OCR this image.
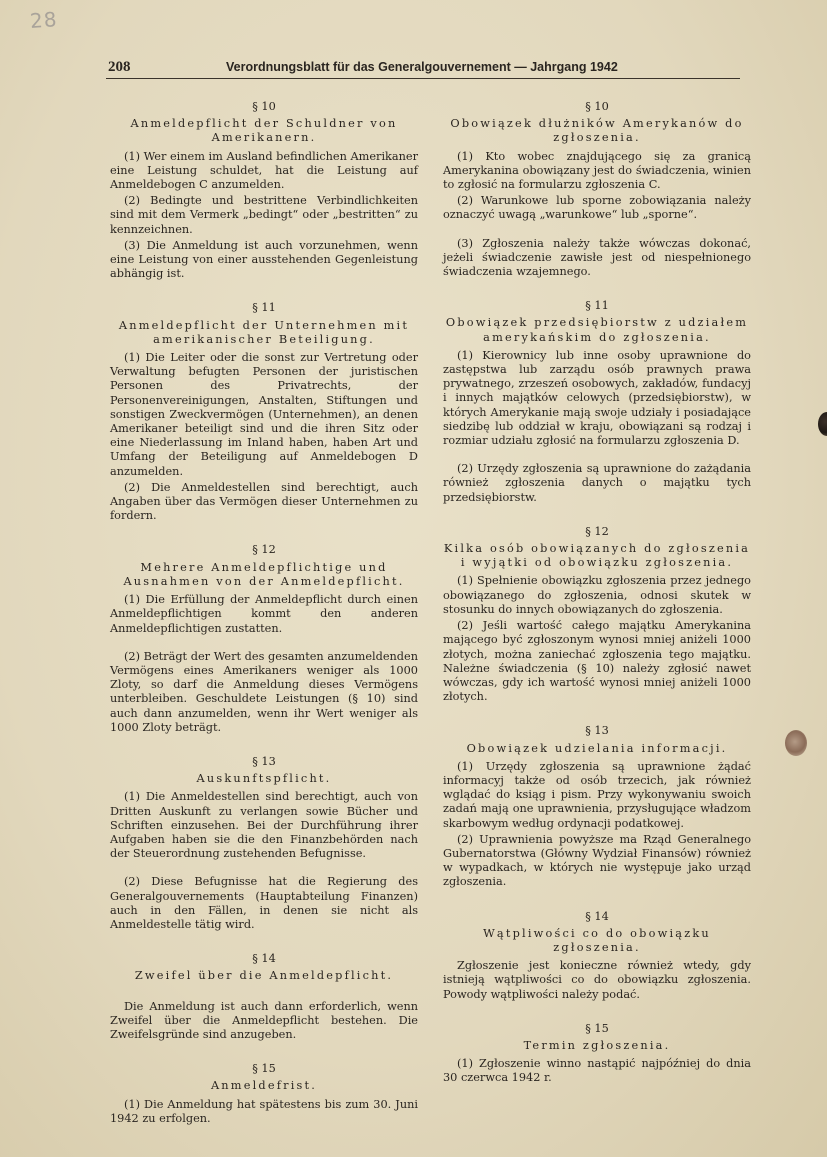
28
208	Verordnungsblatt für das Generalgouvernement — Jahrgang 1942
§ 10
Anmeldepflicht der Schuldner von Amerikanern.

(1) Wer einem im Ausland befindlichen Amerikaner eine Leistung schuldet, hat die Leistung auf Anmeldebogen C anzumelden.

(2) Bedingte und bestrittene Verbindlichkeiten sind mit dem Vermerk „bedingt“ oder „bestritten“ zu kennzeichnen.

(3) Die Anmeldung ist auch vorzunehmen, wenn eine Leistung von einer ausstehenden Gegenleistung abhängig ist.

§ 11
Anmeldepflicht der Unternehmen mit amerikanischer Beteiligung.

(1) Die Leiter oder die sonst zur Vertretung oder Verwaltung befugten Personen der juristischen Personen des Privatrechts, der Personenvereinigungen, Anstalten, Stiftungen und sonstigen Zweckvermögen (Unternehmen), an denen Amerikaner beteiligt sind und die ihren Sitz oder eine Niederlassung im Inland haben, haben Art und Umfang der Beteiligung auf Anmeldebogen D anzumelden.

(2) Die Anmeldestellen sind berechtigt, auch Angaben über das Vermögen dieser Unternehmen zu fordern.

§ 12
Mehrere Anmeldepflichtige und Ausnahmen von der Anmeldepflicht.

(1) Die Erfüllung der Anmeldepflicht durch einen Anmeldepflichtigen kommt den anderen Anmeldepflichtigen zustatten.

(2) Beträgt der Wert des gesamten anzumeldenden Vermögens eines Amerikaners weniger als 1000 Zloty, so darf die Anmeldung dieses Vermögens unterbleiben. Geschuldete Leistungen (§ 10) sind auch dann anzumelden, wenn ihr Wert weniger als 1000 Zloty beträgt.

§ 13
Auskunftspflicht.

(1) Die Anmeldestellen sind berechtigt, auch von Dritten Auskunft zu verlangen sowie Bücher und Schriften einzusehen. Bei der Durchführung ihrer Aufgaben haben sie die den Finanzbehörden nach der Steuerordnung zustehenden Befugnisse.

(2) Diese Befugnisse hat die Regierung des Generalgouvernements (Hauptabteilung Finanzen) auch in den Fällen, in denen sie nicht als Anmeldestelle tätig wird.

§ 14
Zweifel über die Anmeldepflicht.

Die Anmeldung ist auch dann erforderlich, wenn Zweifel über die Anmeldepflicht bestehen. Die Zweifelsgründe sind anzugeben.

§ 15
Anmeldefrist.

(1) Die Anmeldung hat spätestens bis zum 30. Juni 1942 zu erfolgen.

§ 10
Obowiązek dłużników Amerykanów do zgłoszenia.

(1) Kto wobec znajdującego się za granicą Amerykanina obowiązany jest do świadczenia, winien to zgłosić na formularzu zgłoszenia C.

(2) Warunkowe lub sporne zobowiązania należy oznaczyć uwagą „warunkowe“ lub „sporne“.

(3) Zgłoszenia należy także wówczas dokonać, jeżeli świadczenie zawisłe jest od niespełnionego świadczenia wzajemnego.

§ 11
Obowiązek przedsiębiorstw z udziałem amerykańskim do zgłoszenia.

(1) Kierownicy lub inne osoby uprawnione do zastępstwa lub zarządu osób prawnych prawa prywatnego, zrzeszeń osobowych, zakładów, fundacyj i innych majątków celowych (przedsiębiorstw), w których Amerykanie mają swoje udziały i posiadające siedzibę lub oddział w kraju, obowiązani są rodzaj i rozmiar udziału zgłosić na formularzu zgłoszenia D.

(2) Urzędy zgłoszenia są uprawnione do zażądania również zgłoszenia danych o majątku tych przedsiębiorstw.

§ 12
Kilka osób obowiązanych do zgłoszenia i wyjątki od obowiązku zgłoszenia.

(1) Spełnienie obowiązku zgłoszenia przez jednego obowiązanego do zgłoszenia, odnosi skutek w stosunku do innych obowiązanych do zgłoszenia.

(2) Jeśli wartość całego majątku Amerykanina mającego być zgłoszonym wynosi mniej aniżeli 1000 złotych, można zaniechać zgłoszenia tego majątku. Należne świadczenia (§ 10) należy zgłosić nawet wówczas, gdy ich wartość wynosi mniej aniżeli 1000 złotych.

§ 13
Obowiązek udzielania informacji.

(1) Urzędy zgłoszenia są uprawnione żądać informacyj także od osób trzecich, jak również wglądać do ksiąg i pism. Przy wykonywaniu swoich zadań mają one uprawnienia, przysługujące władzom skarbowym według ordynacji podatkowej.

(2) Uprawnienia powyższe ma Rząd Generalnego Gubernatorstwa (Główny Wydział Finansów) również w wypadkach, w których nie występuje jako urząd zgłoszenia.

§ 14
Wątpliwości co do obowiązku zgłoszenia.

Zgłoszenie jest konieczne również wtedy, gdy istnieją wątpliwości co do obowiązku zgłoszenia. Powody wątpliwości należy podać.

§ 15
Termin zgłoszenia.

(1) Zgłoszenie winno nastąpić najpóźniej do dnia 30 czerwca 1942 r.
